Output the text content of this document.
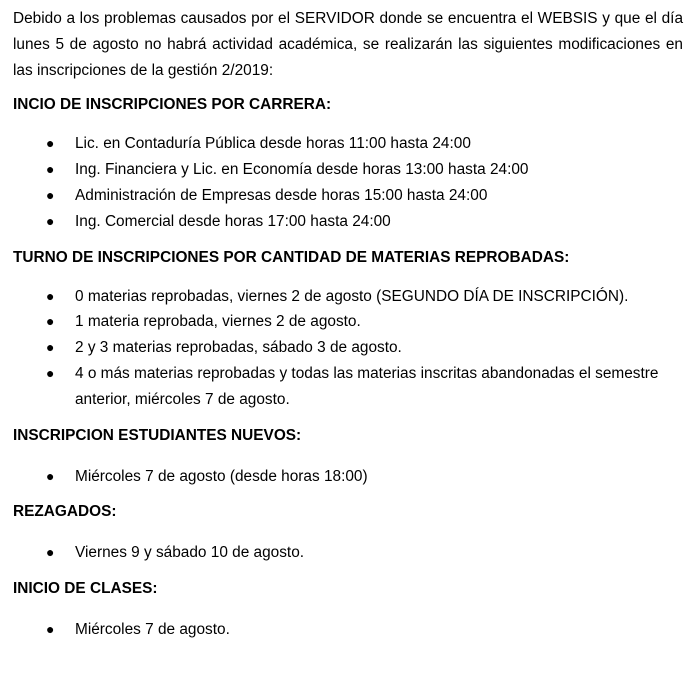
Debido a los problemas causados por el SERVIDOR donde se encuentra el WEBSIS y que el día lunes 5 de agosto no habrá actividad académica, se realizarán las siguientes modificaciones en las inscripciones de la gestión 2/2019:

INCIO DE INSCRIPCIONES POR CARRERA:
● Lic. en Contaduría Pública desde horas 11:00 hasta 24:00
● Ing. Financiera y Lic. en Economía desde horas 13:00 hasta 24:00
● Administración de Empresas desde horas 15:00 hasta 24:00
● Ing. Comercial desde horas 17:00 hasta 24:00
TURNO DE INSCRIPCIONES POR CANTIDAD DE MATERIAS REPROBADAS:
● 0 materias reprobadas, viernes 2 de agosto (SEGUNDO DÍA DE INSCRIPCIÓN).
● 1 materia reprobada, viernes 2 de agosto.
● 2 y 3 materias reprobadas, sábado 3 de agosto.
● 4 o más materias reprobadas y todas las materias inscritas abandonadas el semestre anterior, miércoles 7 de agosto.
INSCRIPCION ESTUDIANTES NUEVOS:
● Miércoles 7 de agosto (desde horas 18:00)
REZAGADOS:
● Viernes 9 y sábado 10 de agosto.
INICIO DE CLASES:
● Miércoles 7 de agosto.
